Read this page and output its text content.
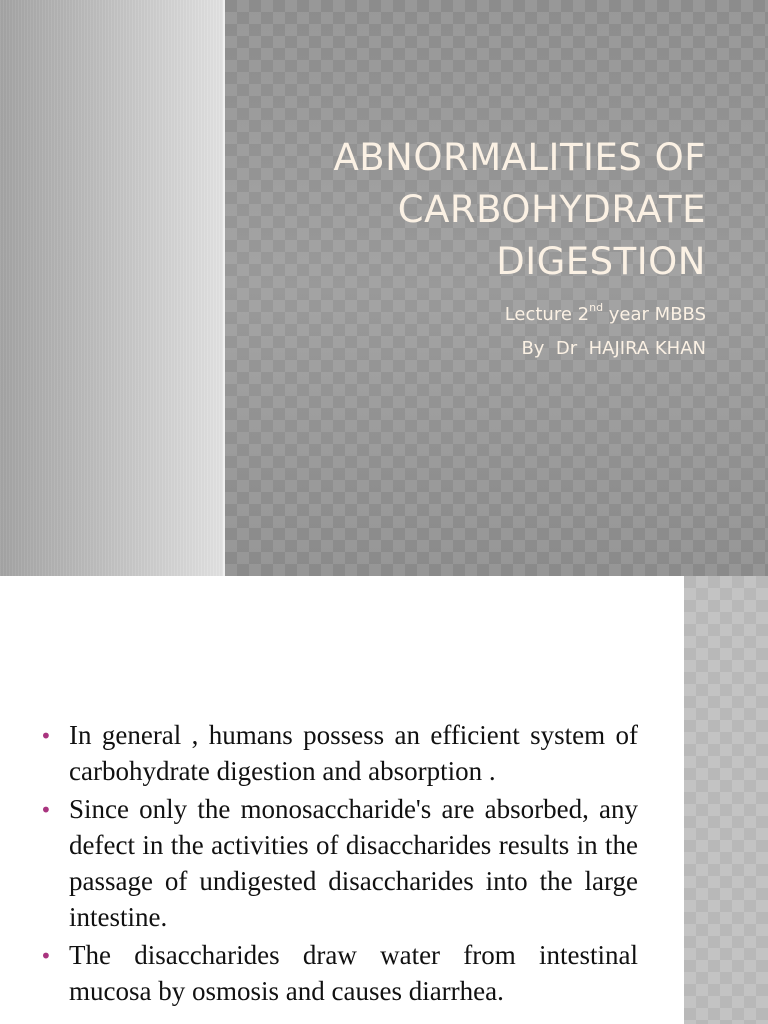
ABNORMALITIES OF
CARBOHYDRATE
DIGESTION
Lecture 2nd year MBBS
By  Dr  HAJIRA KHAN
• In general , humans possess an efficient system of carbohydrate digestion and absorption .
• Since only the monosaccharide's are absorbed, any defect in the activities of disaccharides results in the passage of undigested disaccharides into the large intestine.
• The disaccharides draw water from intestinal mucosa by osmosis and causes diarrhea.
